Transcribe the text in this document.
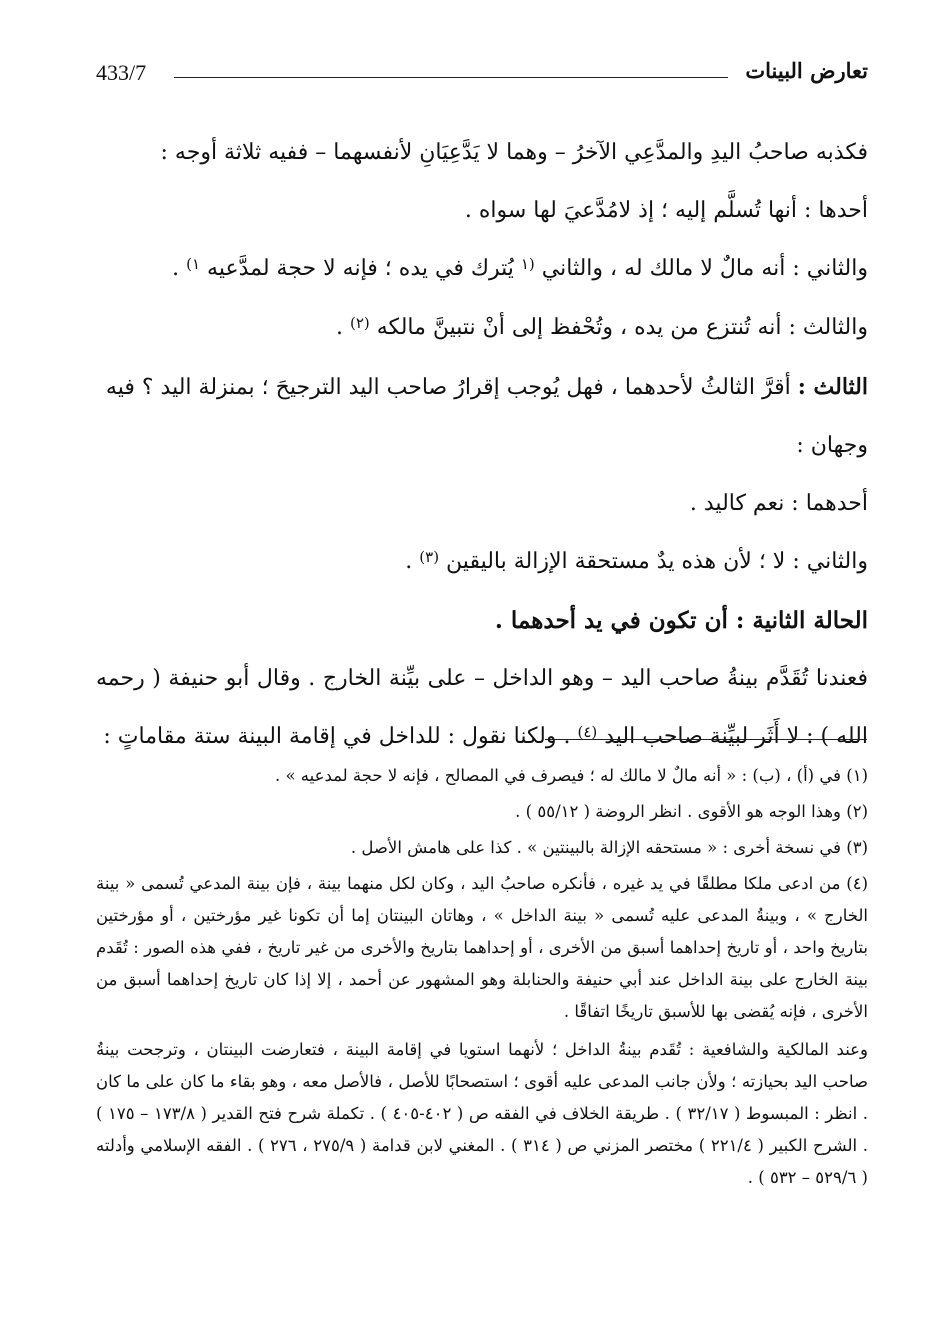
433/7	تعارض البينات

فكذبه صاحبُ اليدِ والمدَّعِي الآخرُ – وهما لا يَدَّعِيَانِ لأنفسهما – ففيه ثلاثة أوجه :

أحدها : أنها تُسلَّم إليه ؛ إذ لامُدَّعيَ لها سواه .

والثاني : أنه مالٌ لا مالك له ، والثاني $^{(١}$ يُترك في يده ؛ فإنه لا حجة لمدَّعيه $^{١)}$ .

والثالث : أنه تُنتزع من يده ، وتُحْفظ إلى أنْ نتبينَّ مالكه $^{(٢)}$ .

الثالث : أقرَّ الثالثُ لأحدهما ، فهل يُوجب إقرارُ صاحب اليد الترجيحَ ؛ بمنزلة اليد ؟ فيه وجهان :

أحدهما : نعم كاليد .

والثاني : لا ؛ لأن هذه يدٌ مستحقة الإزالة باليقين $^{(٣)}$ .

الحالة الثانية : أن تكون في يد أحدهما .

فعندنا تُقَدَّم بينةُ صاحب اليد – وهو الداخل – على بيِّنة الخارج . وقال أبو حنيفة ( رحمه الله ) : لا أَثَر لبيِّنة صاحب اليد $^{(٤)}$ . ولكنا نقول : للداخل في إقامة البينة ستة مقاماتٍ :

(١) في (أ) ، (ب) : « أنه مالٌ لا مالك له ؛ فيصرف في المصالح ، فإنه لا حجة لمدعيه » .

(٢) وهذا الوجه هو الأقوى . انظر الروضة ( ٥٥/١٢ ) .

(٣) في نسخة أخرى : « مستحقه الإزالة بالبينتين » . كذا على هامش الأصل .

(٤) من ادعى ملكا مطلقًا في يد غيره ، فأنكره صاحبُ اليد ، وكان لكل منهما بينة ، فإن بينة المدعي تُسمى « بينة الخارج » ، وبينةُ المدعى عليه تُسمى « بينة الداخل » ، وهاتان البينتان إما أن تكونا غير مؤرختين ، أو مؤرختين بتاريخ واحد ، أو تاريخ إحداهما أسبق من الأخرى ، أو إحداهما بتاريخ والأخرى من غير تاريخ ، ففي هذه الصور : تُقَدم بينة الخارج على بينة الداخل عند أبي حنيفة والحنابلة وهو المشهور عن أحمد ، إلا إذا كان تاريخ إحداهما أسبق من الأخرى ، فإنه يُقضى بها للأسبق تاريخًا اتفاقًا .

وعند المالكية والشافعية : تُقَدم بينةُ الداخل ؛ لأنهما استويا في إقامة البينة ، فتعارضت البينتان ، وترجحت بينةُ صاحب اليد بحيازته ؛ ولأن جانب المدعى عليه أقوى ؛ استصحابًا للأصل ، فالأصل معه ، وهو بقاء ما كان على ما كان . انظر : المبسوط ( ٣٢/١٧ ) . طريقة الخلاف في الفقه ص ( ٤٠٢-٤٠٥ ) . تكملة شرح فتح القدير ( ١٧٣/٨ – ١٧٥ ) . الشرح الكبير ( ٢٢١/٤ ) مختصر المزني ص ( ٣١٤ ) . المغني لابن قدامة ( ٢٧٥/٩ ، ٢٧٦ ) . الفقه الإسلامي وأدلته ( ٥٢٩/٦ – ٥٣٢ ) .
